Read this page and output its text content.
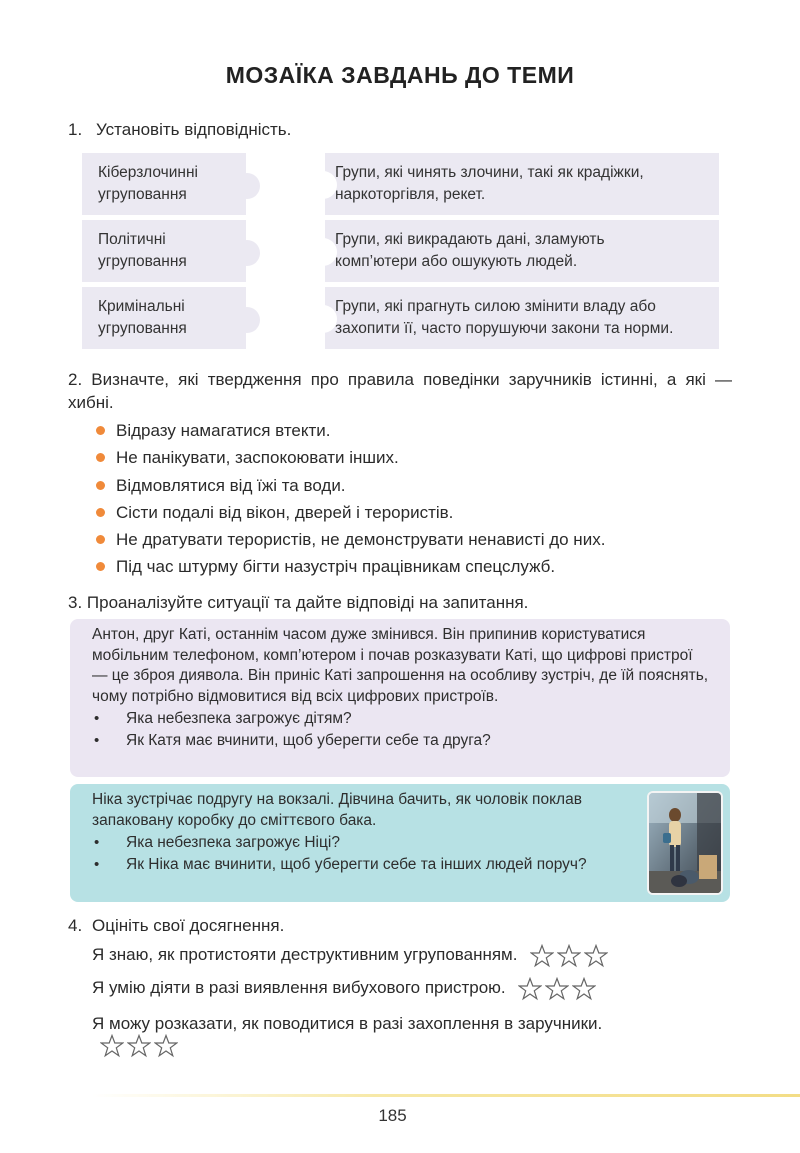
МОЗАЇКА ЗАВДАНЬ ДО ТЕМИ
1. Установіть відповідність.
Кіберзлочинні
угруповання
Політичні
угруповання
Кримінальні
угруповання
Групи, які чинять злочини, такі як крадіжки,
наркоторгівля, рекет.
Групи, які викрадають дані, зламують
комп’ютери або ошукують людей.
Групи, які прагнуть силою змінити владу або
захопити її, часто порушуючи закони та норми.
2. Визначте, які твердження про правила поведінки заручників істинні, а які — хибні.
Відразу намагатися втекти.
Не панікувати, заспокоювати інших.
Відмовлятися від їжі та води.
Сісти подалі від вікон, дверей і терористів.
Не дратувати терористів, не демонструвати ненависті до них.
Під час штурму бігти назустріч працівникам спецслужб.
3. Проаналізуйте ситуації та дайте відповіді на запитання.

Антон, друг Каті, останнім часом дуже змінився. Він припинив користуватися мобільним телефоном, комп’ютером і почав розказувати Каті, що цифрові пристрої — це зброя диявола. Він приніс Каті запрошення на особливу зустріч, де їй пояснять, чому потрібно відмовитися від всіх цифрових пристроїв.

• Яка небезпека загрожує дітям?
• Як Катя має вчинити, щоб уберегти себе та друга?

Ніка зустрічає подругу на вокзалі. Дівчина бачить, як чоловік поклав запаковану коробку до сміттєвого бака.

• Яка небезпека загрожує Ніці?
• Як Ніка має вчинити, щоб уберегти себе та інших людей поруч?
4. Оцініть свої досягнення.
Я знаю, як протистояти деструктивним угрупованням.
Я умію діяти в разі виявлення вибухового пристрою.
Я можу розказати, як поводитися в разі захоплення в заручники.
185
